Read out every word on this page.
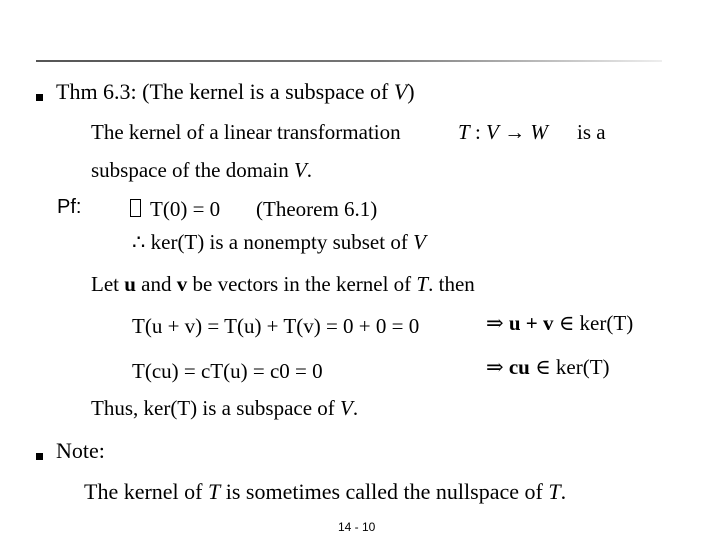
Thm 6.3: (The kernel is a subspace of V)
The kernel of a linear transformation	T : V → W is a
subspace of the domain V.
Pf:	T(0) = 0 (Theorem 6.1)
∴ ker(T) is a nonempty subset of V
Let u and v be vectors in the kernel of T. then
T(u + v) = T(u) + T(v) = 0 + 0 = 0	⇒ u + v ∈ ker(T)
T(cu) = cT(u) = c0 = 0	⇒ cu ∈ ker(T)
Thus, ker(T) is a subspace of V.
Note:
The kernel of T is sometimes called the nullspace of T.
14 - 10
